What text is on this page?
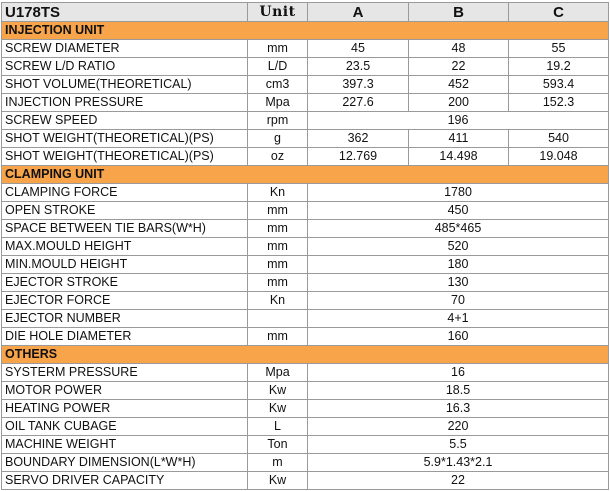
U178TS	Unit	A	B	C
INJECTION UNIT				
SCREW DIAMETER	mm	45	48	55
SCREW L/D RATIO	L/D	23.5	22	19.2
SHOT VOLUME(THEORETICAL)	cm3	397.3	452	593.4
INJECTION PRESSURE	Mpa	227.6	200	152.3
SCREW SPEED	rpm	196		
SHOT WEIGHT(THEORETICAL)(PS)	g	362	411	540
SHOT WEIGHT(THEORETICAL)(PS)	oz	12.769	14.498	19.048
CLAMPING UNIT				
CLAMPING FORCE	Kn	1780		
OPEN STROKE	mm	450		
SPACE BETWEEN TIE BARS(W*H)	mm	485*465		
MAX.MOULD HEIGHT	mm	520		
MIN.MOULD HEIGHT	mm	180		
EJECTOR STROKE	mm	130		
EJECTOR FORCE	Kn	70		
EJECTOR NUMBER		4+1		
DIE HOLE DIAMETER	mm	160		
OTHERS				
SYSTERM PRESSURE	Mpa	16		
MOTOR POWER	Kw	18.5		
HEATING POWER	Kw	16.3		
OIL TANK CUBAGE	L	220		
MACHINE WEIGHT	Ton	5.5		
BOUNDARY DIMENSION(L*W*H)	m	5.9*1.43*2.1		
SERVO DRIVER CAPACITY	Kw	22		
